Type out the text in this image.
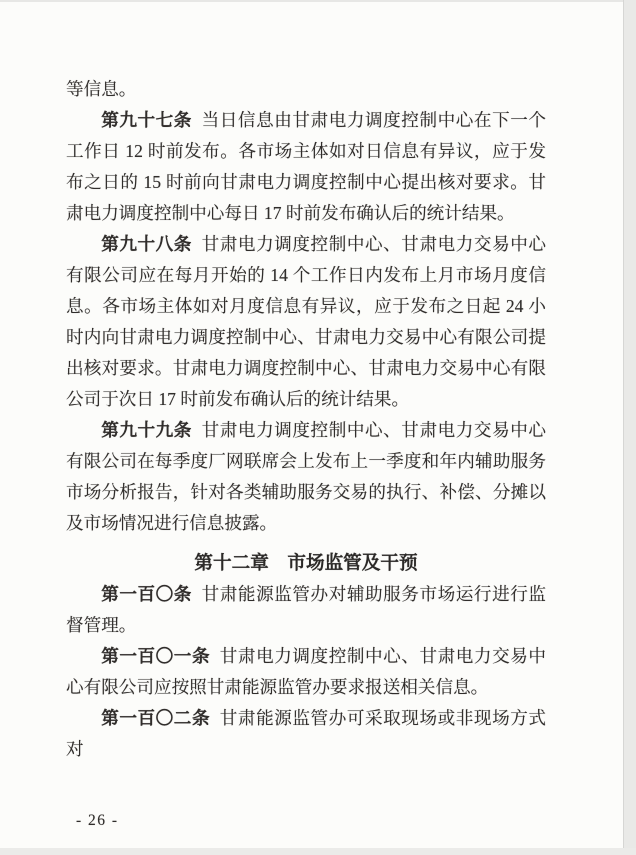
等信息。

第九十七条 当日信息由甘肃电力调度控制中心在下一个工作日 12 时前发布。各市场主体如对日信息有异议，应于发布之日的 15 时前向甘肃电力调度控制中心提出核对要求。甘肃电力调度控制中心每日 17 时前发布确认后的统计结果。

第九十八条 甘肃电力调度控制中心、甘肃电力交易中心有限公司应在每月开始的 14 个工作日内发布上月市场月度信息。各市场主体如对月度信息有异议，应于发布之日起 24 小时内向甘肃电力调度控制中心、甘肃电力交易中心有限公司提出核对要求。甘肃电力调度控制中心、甘肃电力交易中心有限公司于次日 17 时前发布确认后的统计结果。

第九十九条 甘肃电力调度控制中心、甘肃电力交易中心有限公司在每季度厂网联席会上发布上一季度和年内辅助服务市场分析报告，针对各类辅助服务交易的执行、补偿、分摊以及市场情况进行信息披露。

第十二章　市场监管及干预

第一百〇条 甘肃能源监管办对辅助服务市场运行进行监督管理。

第一百〇一条 甘肃电力调度控制中心、甘肃电力交易中心有限公司应按照甘肃能源监管办要求报送相关信息。

第一百〇二条 甘肃能源监管办可采取现场或非现场方式对

- 26 -
